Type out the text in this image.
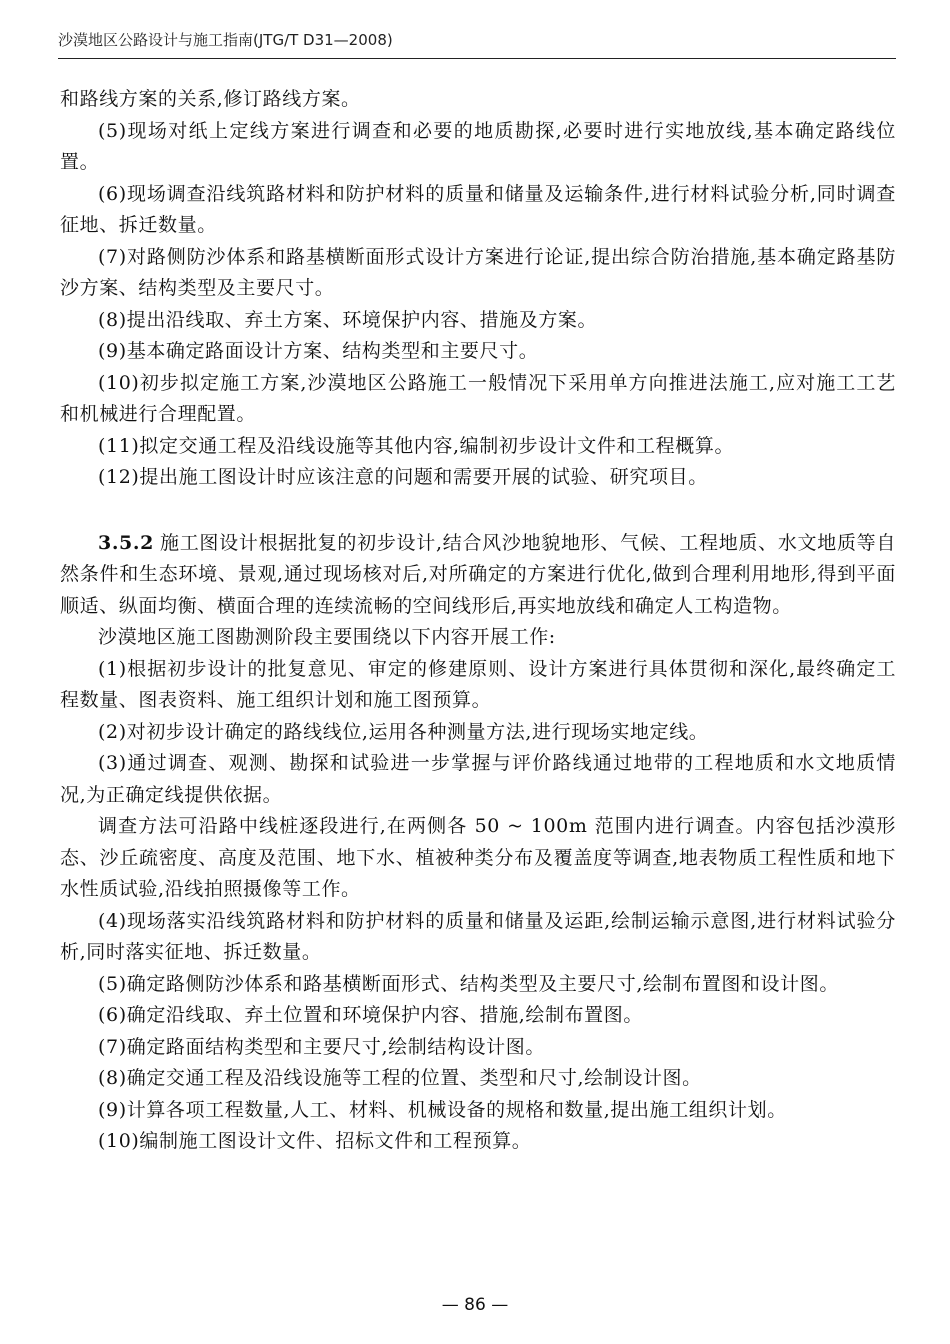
沙漠地区公路设计与施工指南(JTG/T D31—2008)

和路线方案的关系,修订路线方案。

(5)现场对纸上定线方案进行调查和必要的地质勘探,必要时进行实地放线,基本确定路线位置。

(6)现场调查沿线筑路材料和防护材料的质量和储量及运输条件,进行材料试验分析,同时调查征地、拆迁数量。

(7)对路侧防沙体系和路基横断面形式设计方案进行论证,提出综合防治措施,基本确定路基防沙方案、结构类型及主要尺寸。

(8)提出沿线取、弃土方案、环境保护内容、措施及方案。

(9)基本确定路面设计方案、结构类型和主要尺寸。

(10)初步拟定施工方案,沙漠地区公路施工一般情况下采用单方向推进法施工,应对施工工艺和机械进行合理配置。

(11)拟定交通工程及沿线设施等其他内容,编制初步设计文件和工程概算。

(12)提出施工图设计时应该注意的问题和需要开展的试验、研究项目。

3.5.2 施工图设计根据批复的初步设计,结合风沙地貌地形、气候、工程地质、水文地质等自然条件和生态环境、景观,通过现场核对后,对所确定的方案进行优化,做到合理利用地形,得到平面顺适、纵面均衡、横面合理的连续流畅的空间线形后,再实地放线和确定人工构造物。

沙漠地区施工图勘测阶段主要围绕以下内容开展工作:

(1)根据初步设计的批复意见、审定的修建原则、设计方案进行具体贯彻和深化,最终确定工程数量、图表资料、施工组织计划和施工图预算。

(2)对初步设计确定的路线线位,运用各种测量方法,进行现场实地定线。

(3)通过调查、观测、勘探和试验进一步掌握与评价路线通过地带的工程地质和水文地质情况,为正确定线提供依据。

调查方法可沿路中线桩逐段进行,在两侧各 50 ~ 100m 范围内进行调查。内容包括沙漠形态、沙丘疏密度、高度及范围、地下水、植被种类分布及覆盖度等调查,地表物质工程性质和地下水性质试验,沿线拍照摄像等工作。

(4)现场落实沿线筑路材料和防护材料的质量和储量及运距,绘制运输示意图,进行材料试验分析,同时落实征地、拆迁数量。

(5)确定路侧防沙体系和路基横断面形式、结构类型及主要尺寸,绘制布置图和设计图。

(6)确定沿线取、弃土位置和环境保护内容、措施,绘制布置图。

(7)确定路面结构类型和主要尺寸,绘制结构设计图。

(8)确定交通工程及沿线设施等工程的位置、类型和尺寸,绘制设计图。

(9)计算各项工程数量,人工、材料、机械设备的规格和数量,提出施工组织计划。

(10)编制施工图设计文件、招标文件和工程预算。

— 86 —
